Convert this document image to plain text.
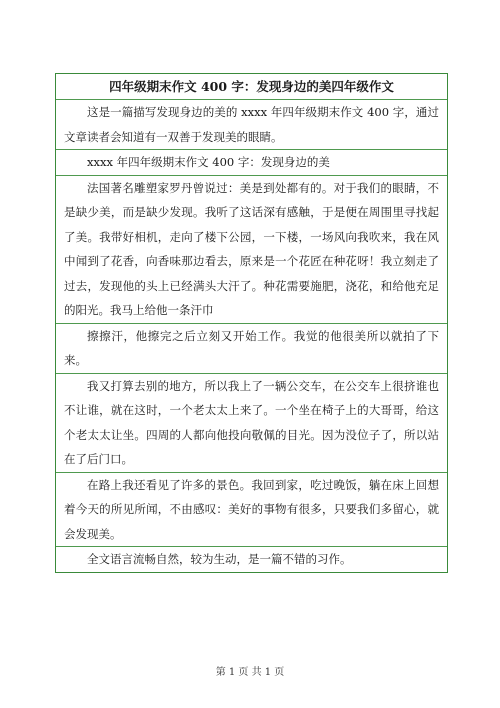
四年级期末作文 400 字：发现身边的美四年级作文

这是一篇描写发现身边的美的 xxxx 年四年级期末作文 400 字，通过文章读者会知道有一双善于发现美的眼睛。

xxxx 年四年级期末作文 400 字：发现身边的美

法国著名雕塑家罗丹曾说过：美是到处都有的。对于我们的眼睛，不是缺少美，而是缺少发现。我听了这话深有感触，于是便在周围里寻找起了美。我带好相机，走向了楼下公园，一下楼，一场风向我吹来，我在风中闻到了花香，向香味那边看去，原来是一个花匠在种花呀！我立刻走了过去，发现他的头上已经满头大汗了。种花需要施肥，浇花，和给他充足的阳光。我马上给他一条汗巾

擦擦汗，他擦完之后立刻又开始工作。我觉的他很美所以就拍了下来。

我又打算去别的地方，所以我上了一辆公交车，在公交车上很挤谁也不让谁，就在这时，一个老太太上来了。一个坐在椅子上的大哥哥，给这个老太太让坐。四周的人都向他投向敬佩的目光。因为没位子了，所以站在了后门口。

在路上我还看见了许多的景色。我回到家，吃过晚饭，躺在床上回想着今天的所见所闻，不由感叹：美好的事物有很多，只要我们多留心，就会发现美。

全文语言流畅自然，较为生动，是一篇不错的习作。

第 1 页 共 1 页
